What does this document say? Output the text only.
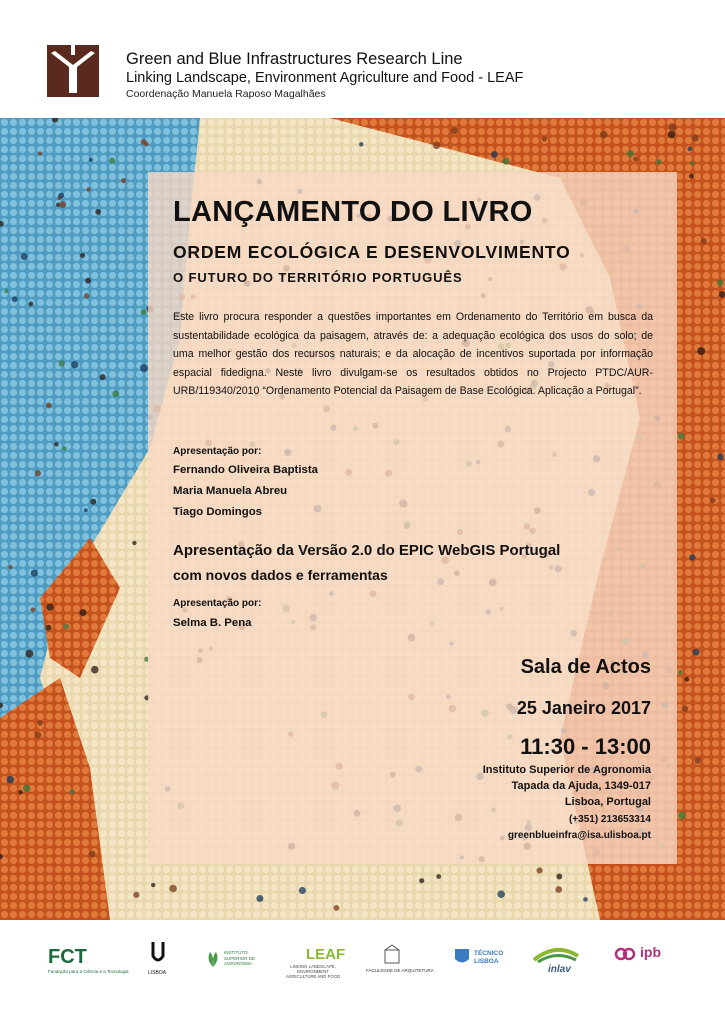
Green and Blue Infrastructures Research Line
Linking Landscape, Environment Agriculture and Food - LEAF
Coordenação Manuela Raposo Magalhães
LANÇAMENTO DO LIVRO
ORDEM ECOLÓGICA E DESENVOLVIMENTO
O FUTURO DO TERRITÓRIO PORTUGUÊS
Este livro procura responder a questões importantes em Ordenamento do Território em busca da sustentabilidade ecológica da paisagem, através de: a adequação ecológica dos usos do solo; de uma melhor gestão dos recursos naturais; e da alocação de incentivos suportada por informação espacial fidedigna. Neste livro divulgam-se os resultados obtidos no Projecto PTDC/AUR-URB/119340/2010 “Ordenamento Potencial da Paisagem de Base Ecológica. Aplicação a Portugal”.
Apresentação por:
Fernando Oliveira Baptista
Maria Manuela Abreu
Tiago Domingos
Apresentação da Versão 2.0 do EPIC WebGIS Portugal
com novos dados e ferramentas
Apresentação por:
Selma B. Pena
Sala de Actos
25 Janeiro 2017
11:30 - 13:00
Instituto Superior de Agronomia
Tapada da Ajuda, 1349-017
Lisboa, Portugal
(+351) 213653314
greenblueinfra@isa.ulisboa.pt
FCT
Fundação para a Ciência e a Tecnologia	LISBOA
INSTITUTO SUPERIOR DE AGRONOMIA
LEAF
LINKING LANDSCAPE, ENVIRONMENT AGRICULTURE AND FOOD
FACULDADE DE ARQUITETURA
TÉCNICO LISBOA
inlav
ipb
